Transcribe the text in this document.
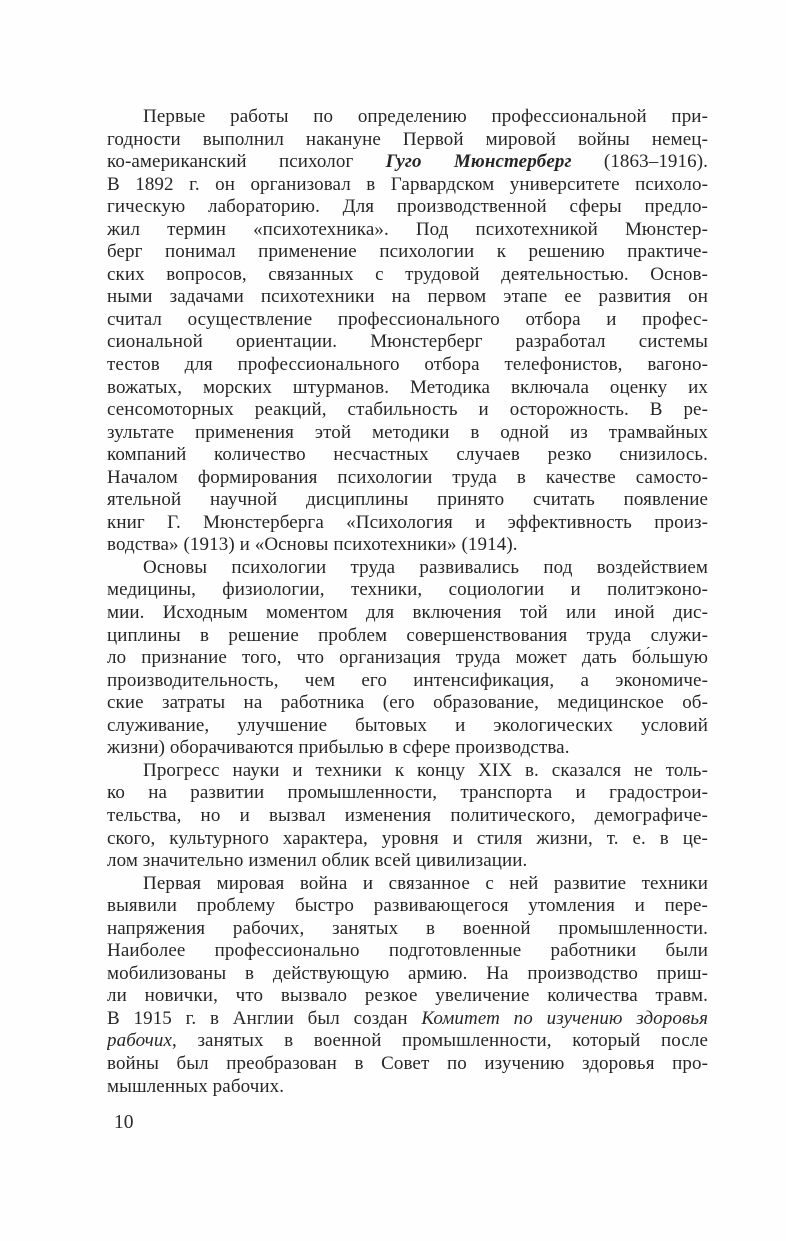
Первые работы по определению профессиональной при-
годности выполнил накануне Первой мировой войны немец-
ко-американский психолог Гуго Мюнстерберг (1863–1916).
В 1892 г. он организовал в Гарвардском университете психоло-
гическую лабораторию. Для производственной сферы предло-
жил термин «психотехника». Под психотехникой Мюнстер-
берг понимал применение психологии к решению практиче-
ских вопросов, связанных с трудовой деятельностью. Основ-
ными задачами психотехники на первом этапе ее развития он
считал осуществление профессионального отбора и профес-
сиональной ориентации. Мюнстерберг разработал системы
тестов для профессионального отбора телефонистов, вагоно-
вожатых, морских штурманов. Методика включала оценку их
сенсомоторных реакций, стабильность и осторожность. В ре-
зультате применения этой методики в одной из трамвайных
компаний количество несчастных случаев резко снизилось.
Началом формирования психологии труда в качестве самосто-
ятельной научной дисциплины принято считать появление
книг Г. Мюнстерберга «Психология и эффективность произ-
водства» (1913) и «Основы психотехники» (1914).
Основы психологии труда развивались под воздействием
медицины, физиологии, техники, социологии и политэконо-
мии. Исходным моментом для включения той или иной дис-
циплины в решение проблем совершенствования труда служи-
ло признание того, что организация труда может дать бо́льшую
производительность, чем его интенсификация, а экономиче-
ские затраты на работника (его образование, медицинское об-
служивание, улучшение бытовых и экологических условий
жизни) оборачиваются прибылью в сфере производства.
Прогресс науки и техники к концу XIX в. сказался не толь-
ко на развитии промышленности, транспорта и градострои-
тельства, но и вызвал изменения политического, демографиче-
ского, культурного характера, уровня и стиля жизни, т. е. в це-
лом значительно изменил облик всей цивилизации.
Первая мировая война и связанное с ней развитие техники
выявили проблему быстро развивающегося утомления и пере-
напряжения рабочих, занятых в военной промышленности.
Наиболее профессионально подготовленные работники были
мобилизованы в действующую армию. На производство приш-
ли новички, что вызвало резкое увеличение количества травм.
В 1915 г. в Англии был создан Комитет по изучению здоровья
рабочих, занятых в военной промышленности, который после
войны был преобразован в Совет по изучению здоровья про-
мышленных рабочих.
10
